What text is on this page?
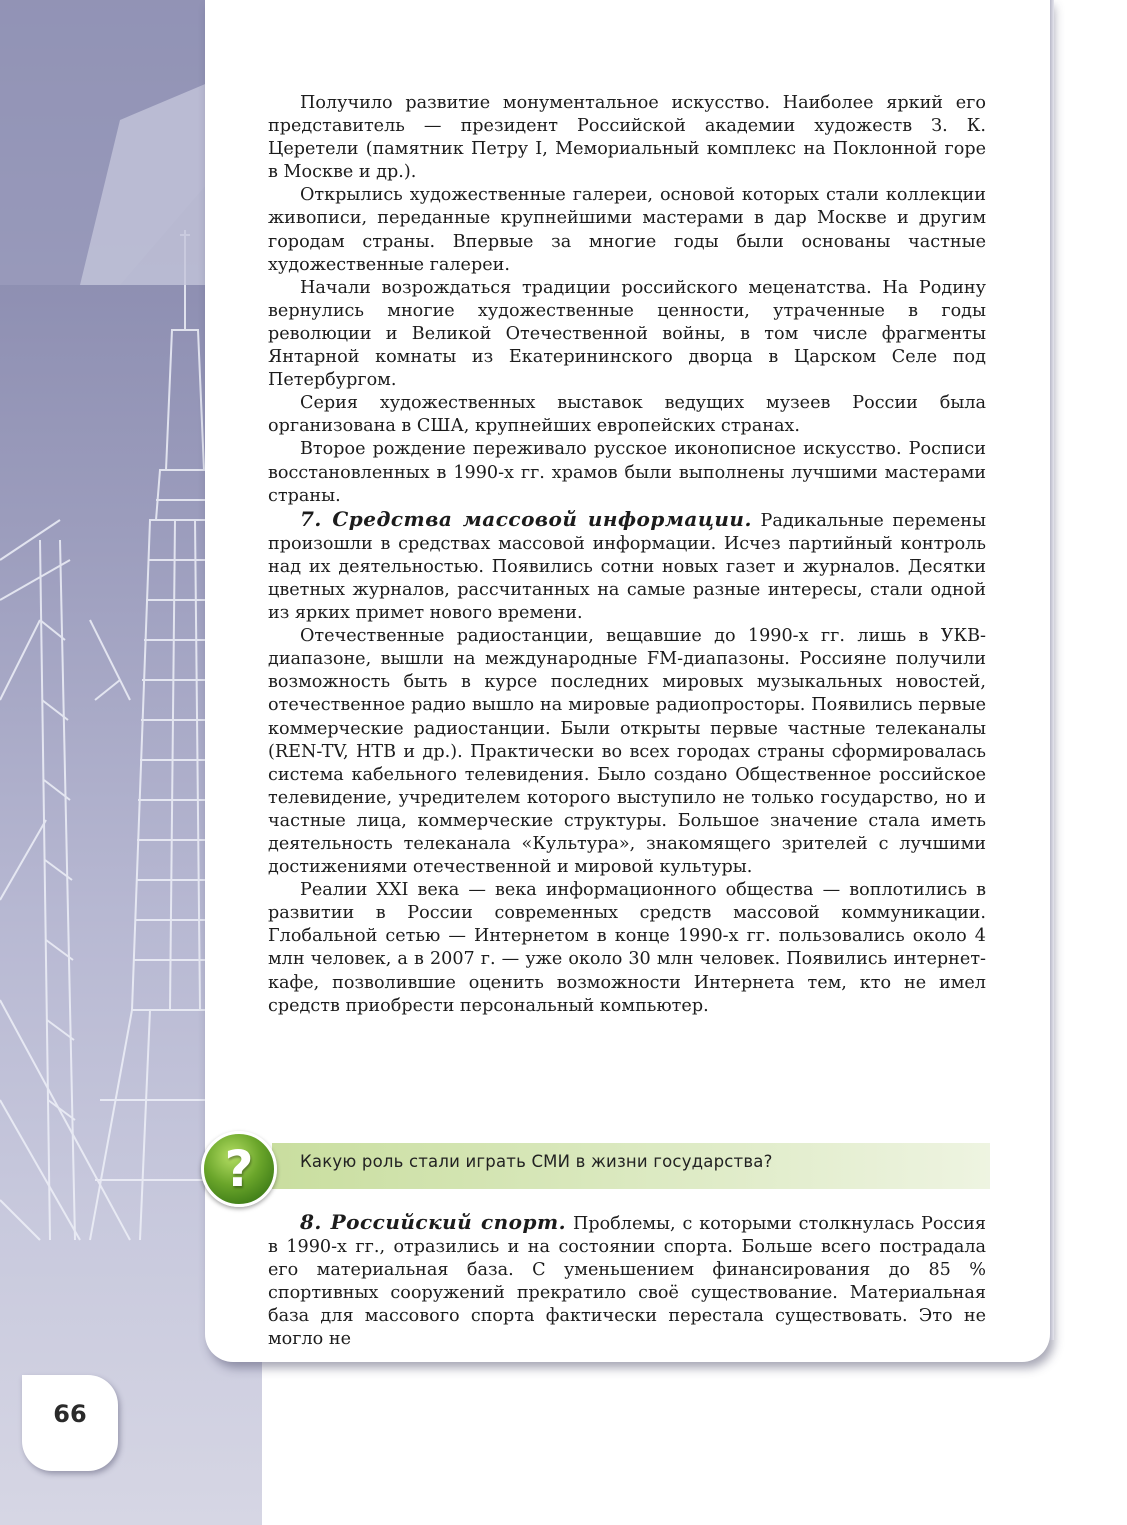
Получило развитие монументальное искусство. Наиболее яркий его представитель — президент Российской академии художеств З. К. Церетели (памятник Петру I, Мемориальный комплекс на Поклонной горе в Москве и др.).

Открылись художественные галереи, основой которых стали коллекции живописи, переданные крупнейшими мастерами в дар Москве и другим городам страны. Впервые за многие годы были основаны частные художественные галереи.

Начали возрождаться традиции российского меценатства. На Родину вернулись многие художественные ценности, утраченные в годы революции и Великой Отечественной войны, в том числе фрагменты Янтарной комнаты из Екатерининского дворца в Царском Селе под Петербургом.

Серия художественных выставок ведущих музеев России была организована в США, крупнейших европейских странах.

Второе рождение переживало русское иконописное искусство. Росписи восстановленных в 1990-х гг. храмов были выполнены лучшими мастерами страны.

7. Средства массовой информации. Радикальные перемены произошли в средствах массовой информации. Исчез партийный контроль над их деятельностью. Появились сотни новых газет и журналов. Десятки цветных журналов, рассчитанных на самые разные интересы, стали одной из ярких примет нового времени.

Отечественные радиостанции, вещавшие до 1990-х гг. лишь в УКВ-диапазоне, вышли на международные FM-диапазоны. Россияне получили возможность быть в курсе последних мировых музыкальных новостей, отечественное радио вышло на мировые радиопросторы. Появились первые коммерческие радиостанции. Были открыты первые частные телеканалы (REN-TV, НТВ и др.). Практически во всех городах страны сформировалась система кабельного телевидения. Было создано Общественное российское телевидение, учредителем которого выступило не только государство, но и частные лица, коммерческие структуры. Большое значение стала иметь деятельность телеканала «Культура», знакомящего зрителей с лучшими достижениями отечественной и мировой культуры.

Реалии XXI века — века информационного общества — воплотились в развитии в России современных средств массовой коммуникации. Глобальной сетью — Интернетом в конце 1990-х гг. пользовались около 4 млн человек, а в 2007 г. — уже около 30 млн человек. Появились интернет-кафе, позволившие оценить возможности Интернета тем, кто не имел средств приобрести персональный компьютер.

?	Какую роль стали играть СМИ в жизни государства?

8. Российский спорт. Проблемы, с которыми столкнулась Россия в 1990-х гг., отразились и на состоянии спорта. Больше всего пострадала его материальная база. С уменьшением финансирования до 85 % спортивных сооружений прекратило своё существование. Материальная база для массового спорта фактически перестала существовать. Это не могло не

66
